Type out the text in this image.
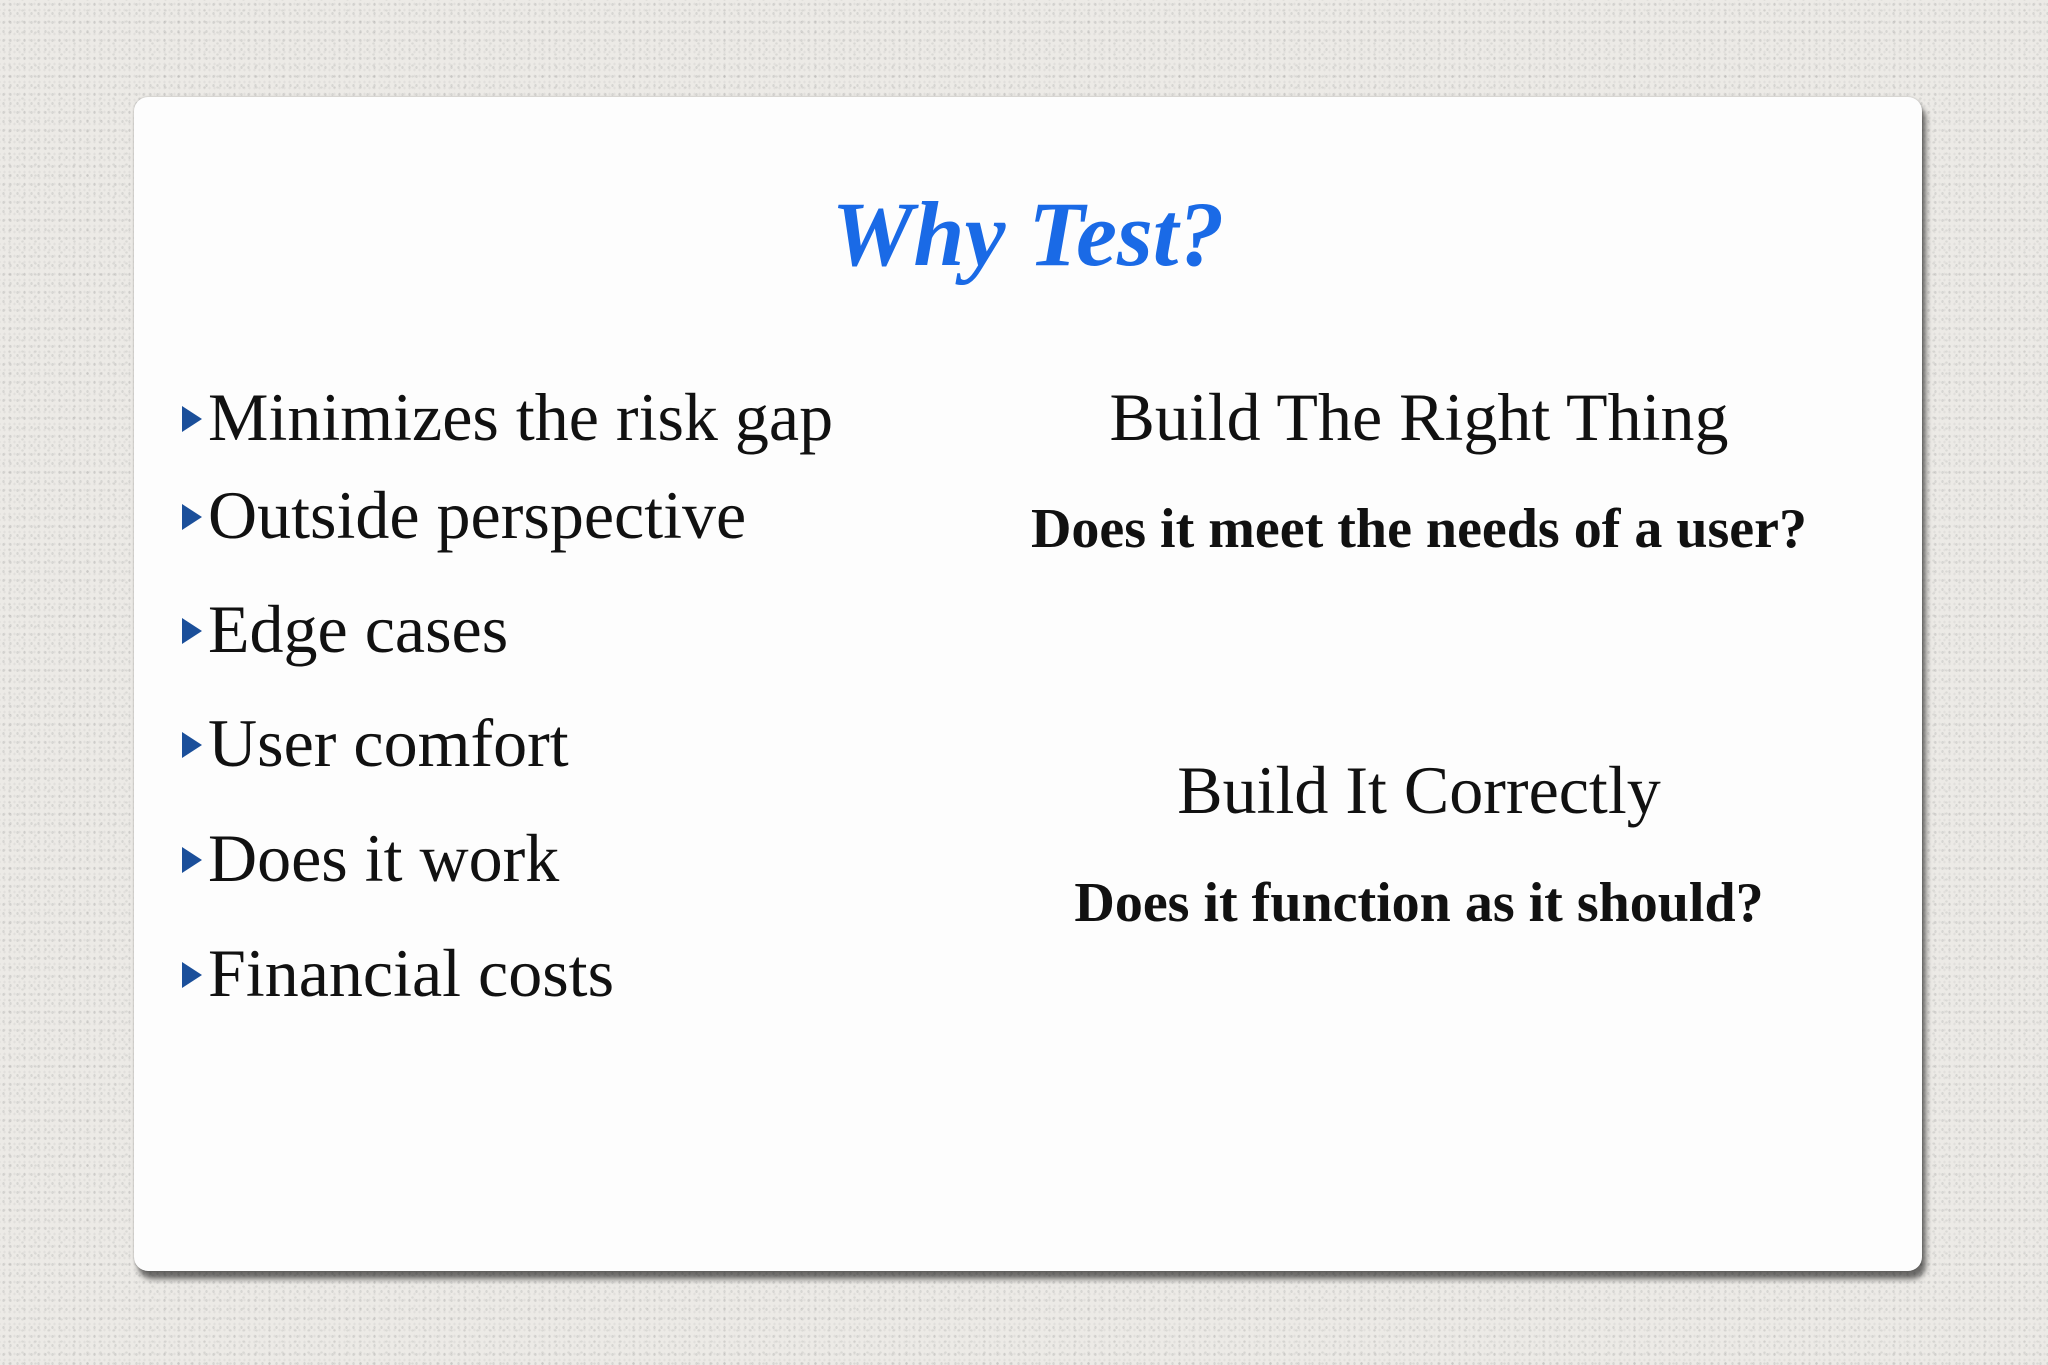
Why Test?
Minimizes the risk gap
Outside perspective
Edge cases
User comfort
Does it work
Financial costs
Build The Right Thing
Does it meet the needs of a user?
Build It Correctly
Does it function as it should?
